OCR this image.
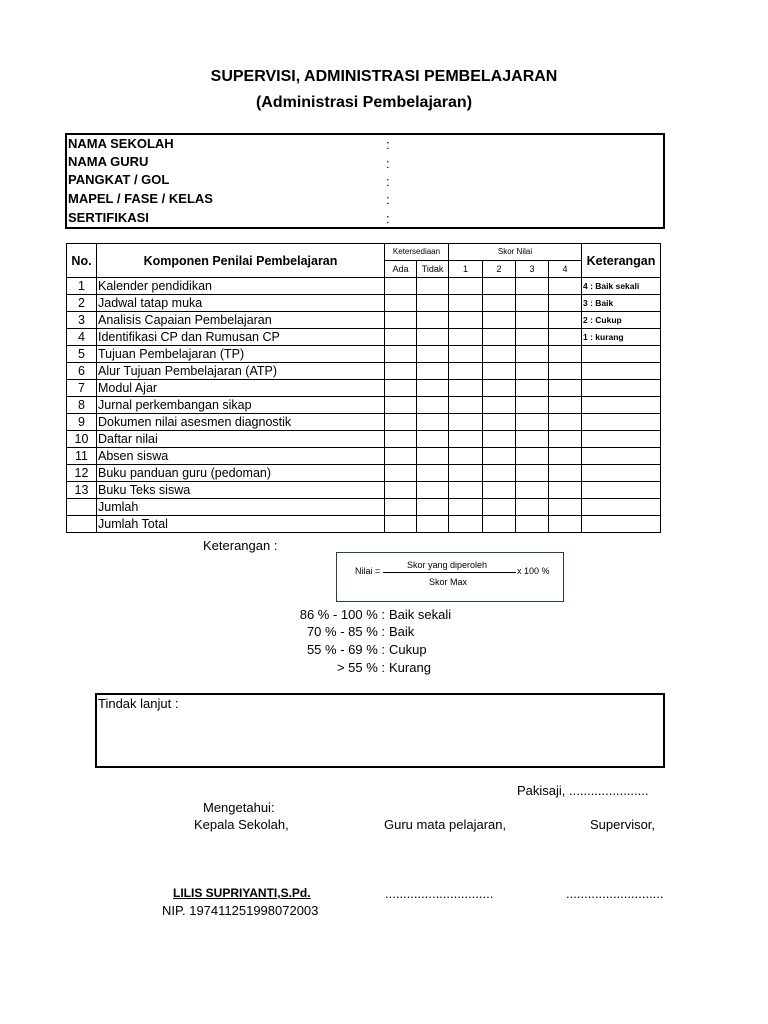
SUPERVISI, ADMINISTRASI PEMBELAJARAN
(Administrasi Pembelajaran)
NAMA SEKOLAH	:
NAMA GURU	:
PANGKAT / GOL	:
MAPEL / FASE / KELAS	:
SERTIFIKASI	:
No.	Komponen Penilai Pembelajaran	Ketersediaan		Skor Nilai				Keterangan
		Ada	Tidak	1	2	3	4	
1	Kalender pendidikan							4 : Baik sekali
2	Jadwal tatap muka							3 : Baik
3	Analisis Capaian Pembelajaran							2 : Cukup
4	Identifikasi CP dan Rumusan CP							1 : kurang
5	Tujuan Pembelajaran (TP)							
6	Alur Tujuan Pembelajaran (ATP)							
7	Modul Ajar							
8	Jurnal perkembangan sikap							
9	Dokumen nilai asesmen diagnostik							
10	Daftar nilai							
11	Absen siswa							
12	Buku panduan guru (pedoman)							
13	Buku Teks siswa							
	Jumlah							
	Jumlah Total							
Keterangan :
Nilai =
Skor yang diperoleh
Skor Max
x 100 %
86 % - 100 % : Baik sekali
70 % - 85 % : Baik
55 % - 69 % : Cukup
> 55 % : Kurang
Tindak lanjut :
Pakisaji, ......................
Mengetahui:
Kepala Sekolah,	Guru mata pelajaran,	Supervisor,
LILIS SUPRIYANTI,S.Pd.	..............................	...........................
NIP. 197411251998072003
